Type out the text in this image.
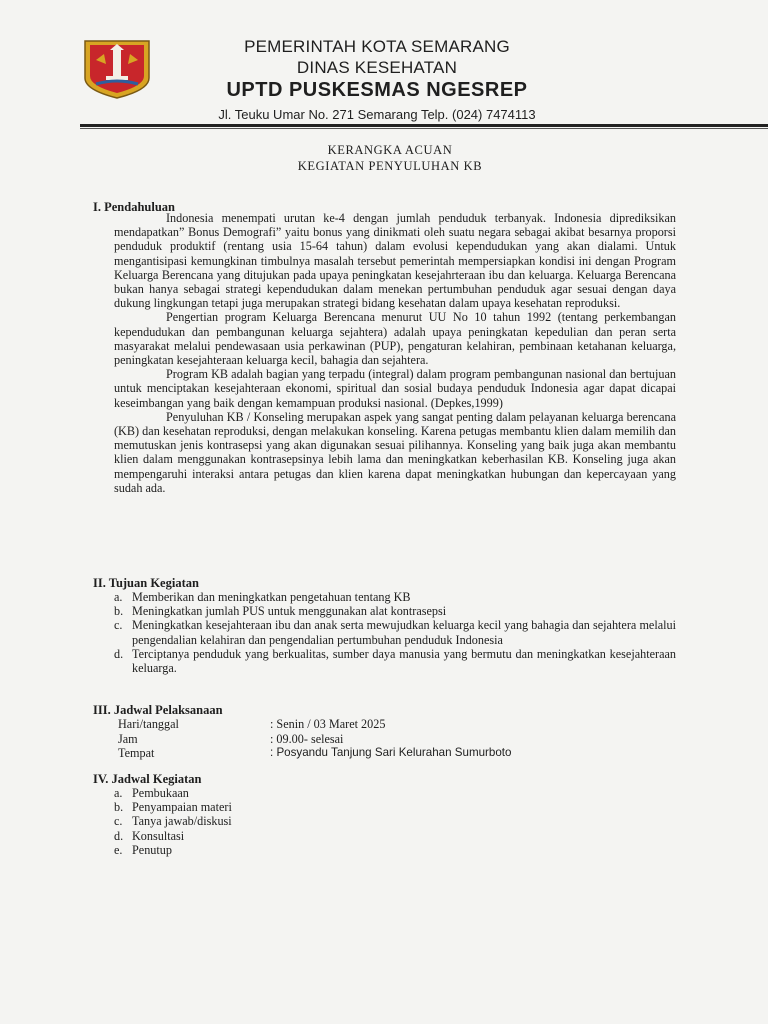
PEMERINTAH KOTA SEMARANG
DINAS KESEHATAN
UPTD PUSKESMAS NGESREP
Jl. Teuku Umar No. 271 Semarang Telp. (024) 7474113
KERANGKA ACUAN
KEGIATAN PENYULUHAN KB
I. Pendahuluan

Indonesia menempati urutan ke-4 dengan jumlah penduduk terbanyak. Indonesia diprediksikan mendapatkan” Bonus Demografi” yaitu bonus yang dinikmati oleh suatu negara sebagai akibat besarnya proporsi penduduk produktif (rentang usia 15-64 tahun) dalam evolusi kependudukan yang akan dialami. Untuk mengantisipasi kemungkinan timbulnya masalah tersebut pemerintah mempersiapkan kondisi ini dengan Program Keluarga Berencana yang ditujukan pada upaya peningkatan kesejahrteraan ibu dan keluarga. Keluarga Berencana bukan hanya sebagai strategi kependudukan dalam menekan pertumbuhan penduduk agar sesuai dengan daya dukung lingkungan tetapi juga merupakan strategi bidang kesehatan dalam upaya kesehatan reproduksi.

Pengertian program Keluarga Berencana menurut UU No 10 tahun 1992 (tentang perkembangan kependudukan dan pembangunan keluarga sejahtera) adalah upaya peningkatan kepedulian dan peran serta masyarakat melalui pendewasaan usia perkawinan (PUP), pengaturan kelahiran, pembinaan ketahanan keluarga, peningkatan kesejahteraan keluarga kecil, bahagia dan sejahtera.

Program KB adalah bagian yang terpadu (integral) dalam program pembangunan nasional dan bertujuan untuk menciptakan kesejahteraan ekonomi, spiritual dan sosial budaya penduduk Indonesia agar dapat dicapai keseimbangan yang baik dengan kemampuan produksi nasional. (Depkes,1999)

Penyuluhan KB / Konseling merupakan aspek yang sangat penting dalam pelayanan keluarga berencana (KB) dan kesehatan reproduksi, dengan melakukan konseling. Karena petugas membantu klien dalam memilih dan memutuskan jenis kontrasepsi yang akan digunakan sesuai pilihannya. Konseling yang baik juga akan membantu klien dalam menggunakan kontrasepsinya lebih lama dan meningkatkan keberhasilan KB. Konseling juga akan mempengaruhi interaksi antara petugas dan klien karena dapat meningkatkan hubungan dan kepercayaan yang sudah ada.

II. Tujuan Kegiatan
a. Memberikan dan meningkatkan pengetahuan tentang KB
b. Meningkatkan jumlah PUS untuk menggunakan alat kontrasepsi
c. Meningkatkan kesejahteraan ibu dan anak serta mewujudkan keluarga kecil yang bahagia dan sejahtera melalui pengendalian kelahiran dan pengendalian pertumbuhan penduduk Indonesia
d. Terciptanya penduduk yang berkualitas, sumber daya manusia yang bermutu dan meningkatkan kesejahteraan keluarga.
III. Jadwal Pelaksanaan
Hari/tanggal	: Senin / 03 Maret 2025
Jam	: 09.00- selesai
Tempat	: Posyandu Tanjung Sari Kelurahan Sumurboto
IV. Jadwal Kegiatan
a. Pembukaan
b. Penyampaian materi
c. Tanya jawab/diskusi
d. Konsultasi
e. Penutup
